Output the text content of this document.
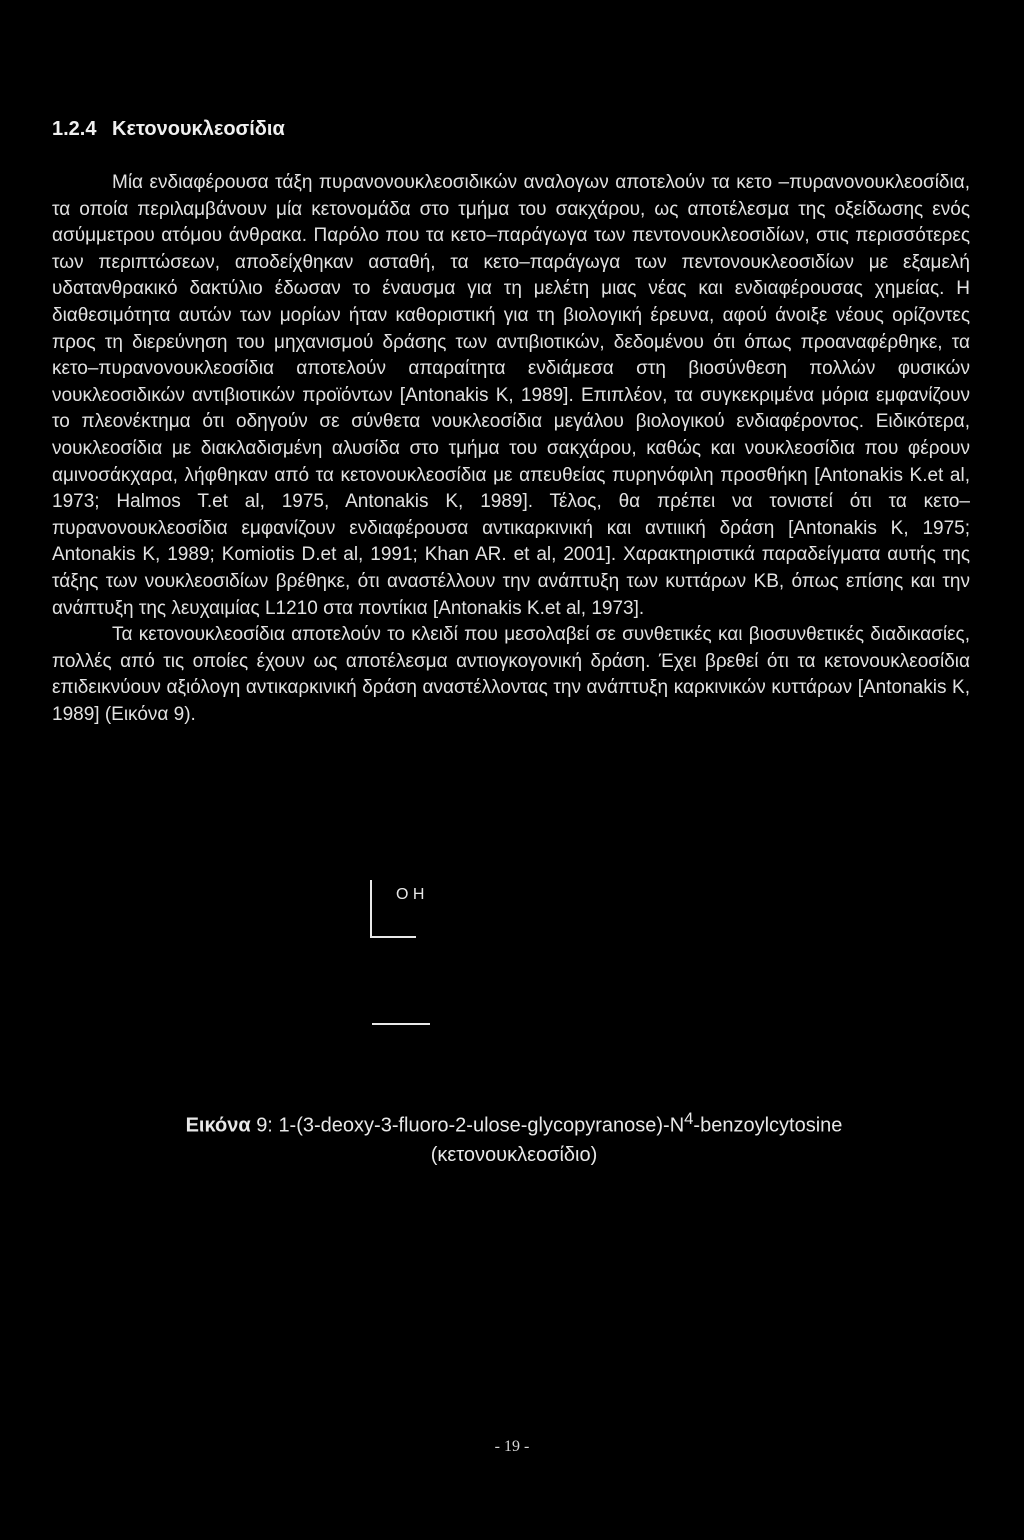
1.2.4 Κετονουκλεοσίδια

Μία ενδιαφέρουσα τάξη πυρανονουκλεοσιδικών αναλογων αποτελούν τα κετο –πυρανονουκλεοσίδια, τα οποία περιλαμβάνουν μία κετονομάδα στο τμήμα του σακχάρου, ως αποτέλεσμα της οξείδωσης ενός ασύμμετρου ατόμου άνθρακα. Παρόλο που τα κετο–παράγωγα των πεντονουκλεοσιδίων, στις περισσότερες των περιπτώσεων, αποδείχθηκαν ασταθή, τα κετο–παράγωγα των πεντονουκλεοσιδίων με εξαμελή υδατανθρακικό δακτύλιο έδωσαν το έναυσμα για τη μελέτη μιας νέας και ενδιαφέρουσας χημείας. Η διαθεσιμότητα αυτών των μορίων ήταν καθοριστική για τη βιολογική έρευνα, αφού άνοιξε νέους ορίζοντες προς τη διερεύνηση του μηχανισμού δράσης των αντιβιοτικών, δεδομένου ότι όπως προαναφέρθηκε, τα κετο–πυρανονουκλεοσίδια αποτελούν απαραίτητα ενδιάμεσα στη βιοσύνθεση πολλών φυσικών νουκλεοσιδικών αντιβιοτικών προϊόντων [Antonakis K, 1989]. Επιπλέον, τα συγκεκριμένα μόρια εμφανίζουν το πλεονέκτημα ότι οδηγούν σε σύνθετα νουκλεοσίδια μεγάλου βιολογικού ενδιαφέροντος. Ειδικότερα, νουκλεοσίδια με διακλαδισμένη αλυσίδα στο τμήμα του σακχάρου, καθώς και νουκλεοσίδια που φέρουν αμινοσάκχαρα, λήφθηκαν από τα κετονουκλεοσίδια με απευθείας πυρηνόφιλη προσθήκη [Antonakis K.et al, 1973; Halmos T.et al, 1975, Antonakis K, 1989]. Τέλος, θα πρέπει να τονιστεί ότι τα κετο–πυρανονουκλεοσίδια εμφανίζουν ενδιαφέρουσα αντικαρκινική και αντιιική δράση [Antonakis K, 1975; Antonakis K, 1989; Komiotis D.et al, 1991; Khan AR. et al, 2001]. Χαρακτηριστικά παραδείγματα αυτής της τάξης των νουκλεοσιδίων βρέθηκε, ότι αναστέλλουν την ανάπτυξη των κυττάρων KB, όπως επίσης και την ανάπτυξη της λευχαιμίας L1210 στα ποντίκια [Antonakis K.et al, 1973].

Τα κετονουκλεοσίδια αποτελούν το κλειδί που μεσολαβεί σε συνθετικές και βιοσυνθετικές διαδικασίες, πολλές από τις οποίες έχουν ως αποτέλεσμα αντιογκογονική δράση. Έχει βρεθεί ότι τα κετονουκλεοσίδια επιδεικνύουν αξιόλογη αντικαρκινική δράση αναστέλλοντας την ανάπτυξη καρκινικών κυττάρων [Antonakis K, 1989] (Εικόνα 9).

O H
Εικόνα 9: $1-(3-deoxy-3-fluoro-2-ulose-glycopyranose)-N^4$-benzoylcytosine
(κετονουκλεοσίδιο)
- 19 -
